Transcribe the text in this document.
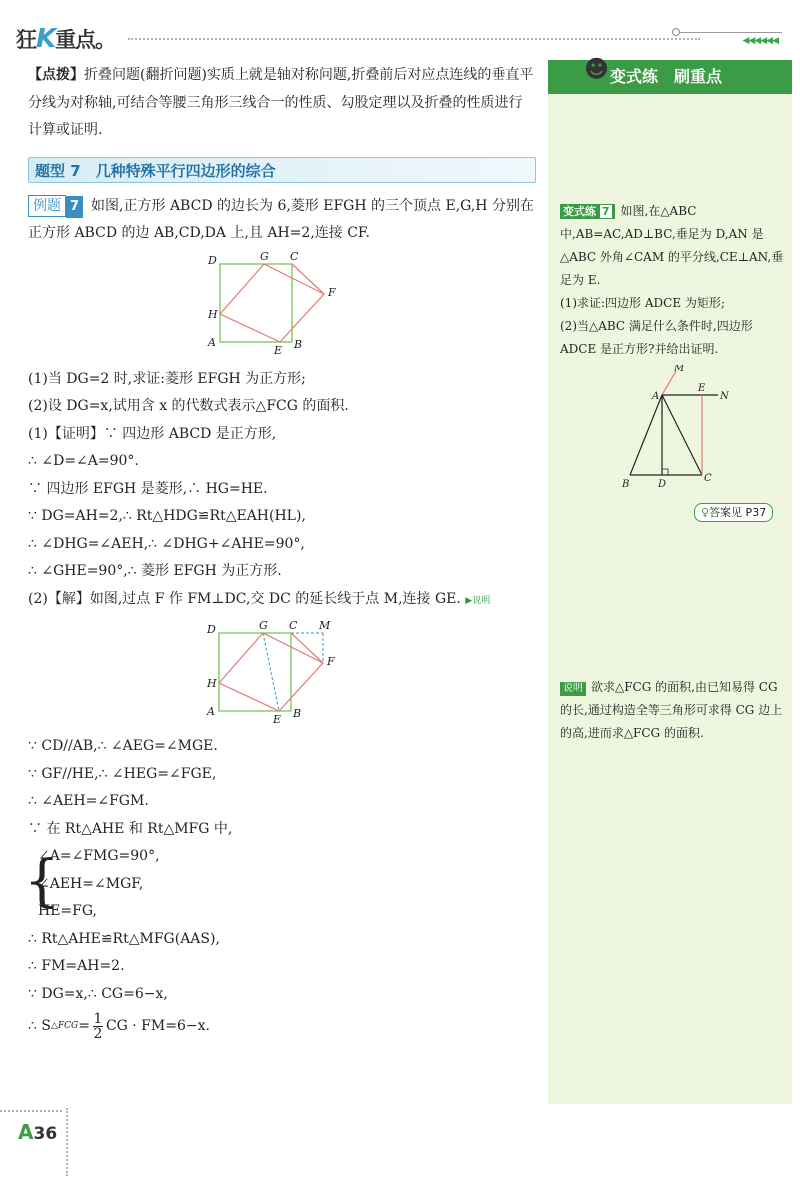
狂K重点。	◀◀◀◀◀◀

【点拨】折叠问题(翻折问题)实质上就是轴对称问题,折叠前后对应点连线的垂直平分线为对称轴,可结合等腰三角形三线合一的性质、勾股定理以及折叠的性质进行计算或证明.

题型 7　几种特殊平行四边形的综合

例题 7 如图,正方形 ABCD 的边长为 6,菱形 EFGH 的三个顶点 E,G,H 分别在正方形 ABCD 的边 AB,CD,DA 上,且 AH=2,连接 CF.

D	G C
F
H
A
E B

(1)当 DG=2 时,求证:菱形 EFGH 为正方形;

(2)设 DG=x,试用含 x 的代数式表示△FCG 的面积.

(1)【证明】∵ 四边形 ABCD 是正方形,

∴ ∠D=∠A=90°.

∵ 四边形 EFGH 是菱形,∴ HG=HE.

∵ DG=AH=2,∴ Rt△HDG≌Rt△EAH(HL),

∴ ∠DHG=∠AEH,∴ ∠DHG+∠AHE=90°,

∴ ∠GHE=90°,∴ 菱形 EFGH 为正方形.

(2)【解】如图,过点 F 作 FM⊥DC,交 DC 的延长线于点 M,连接 GE. ▶说明

D	G C M
F
H
A
E B

∵ CD//AB,∴ ∠AEG=∠MGE.

∵ GF//HE,∴ ∠HEG=∠FGE,

∴ ∠AEH=∠FGM.

∵ 在 Rt△AHE 和 Rt△MFG 中,

{

∠A=∠FMG=90°,

∠AEH=∠MGF,

HE=FG,

∴ Rt△AHE≌Rt△MFG(AAS),

∴ FM=AH=2.

∵ DG=x,∴ CG=6−x,

∴ S △FCG = $\frac{1}{2}$ CG · FM=6−x.

☻ 变式练　刷重点

变式练 7 如图,在△ABC 中,AB=AC,AD⊥BC,垂足为 D,AN 是△ABC 外角∠CAM 的平分线,CE⊥AN,垂足为 E.

(1)求证:四边形 ADCE 为矩形;

(2)当△ABC 满足什么条件时,四边形 ADCE 是正方形?并给出证明.

M
A
E
N
B	D
C
♀答案见 P37

说明 欲求△FCG 的面积,由已知易得 CG 的长,通过构造全等三角形可求得 CG 边上的高,进而求△FCG 的面积.

A36
